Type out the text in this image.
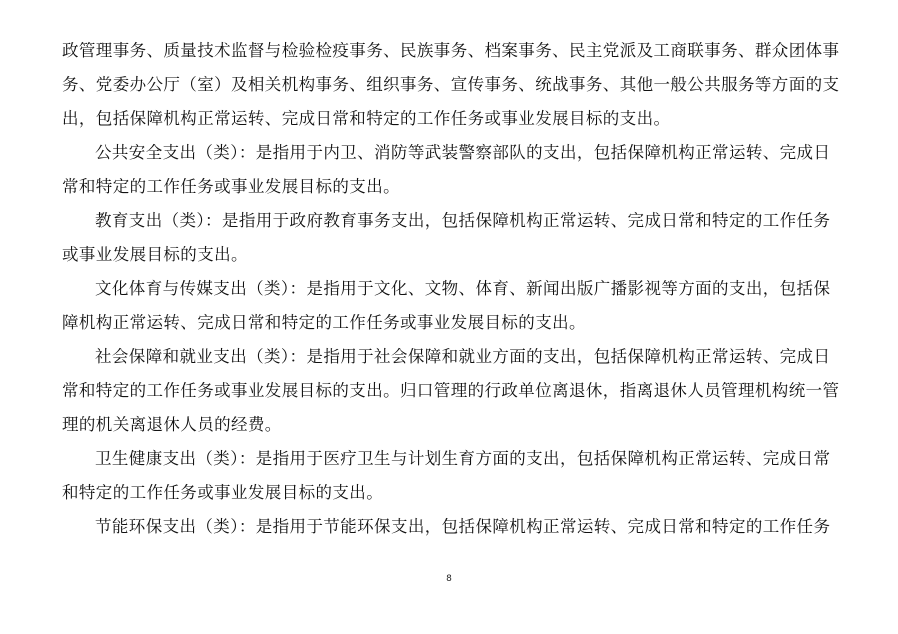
政管理事务、质量技术监督与检验检疫事务、民族事务、档案事务、民主党派及工商联事务、群众团体事
务、党委办公厅（室）及相关机构事务、组织事务、宣传事务、统战事务、其他一般公共服务等方面的支
出，包括保障机构正常运转、完成日常和特定的工作任务或事业发展目标的支出。

公共安全支出（类）：是指用于内卫、消防等武装警察部队的支出，包括保障机构正常运转、完成日
常和特定的工作任务或事业发展目标的支出。

教育支出（类）：是指用于政府教育事务支出，包括保障机构正常运转、完成日常和特定的工作任务
或事业发展目标的支出。

文化体育与传媒支出（类）：是指用于文化、文物、体育、新闻出版广播影视等方面的支出，包括保
障机构正常运转、完成日常和特定的工作任务或事业发展目标的支出。

社会保障和就业支出（类）：是指用于社会保障和就业方面的支出，包括保障机构正常运转、完成日
常和特定的工作任务或事业发展目标的支出。归口管理的行政单位离退休，指离退休人员管理机构统一管
理的机关离退休人员的经费。

卫生健康支出（类）：是指用于医疗卫生与计划生育方面的支出，包括保障机构正常运转、完成日常
和特定的工作任务或事业发展目标的支出。

节能环保支出（类）：是指用于节能环保支出，包括保障机构正常运转、完成日常和特定的工作任务

8
